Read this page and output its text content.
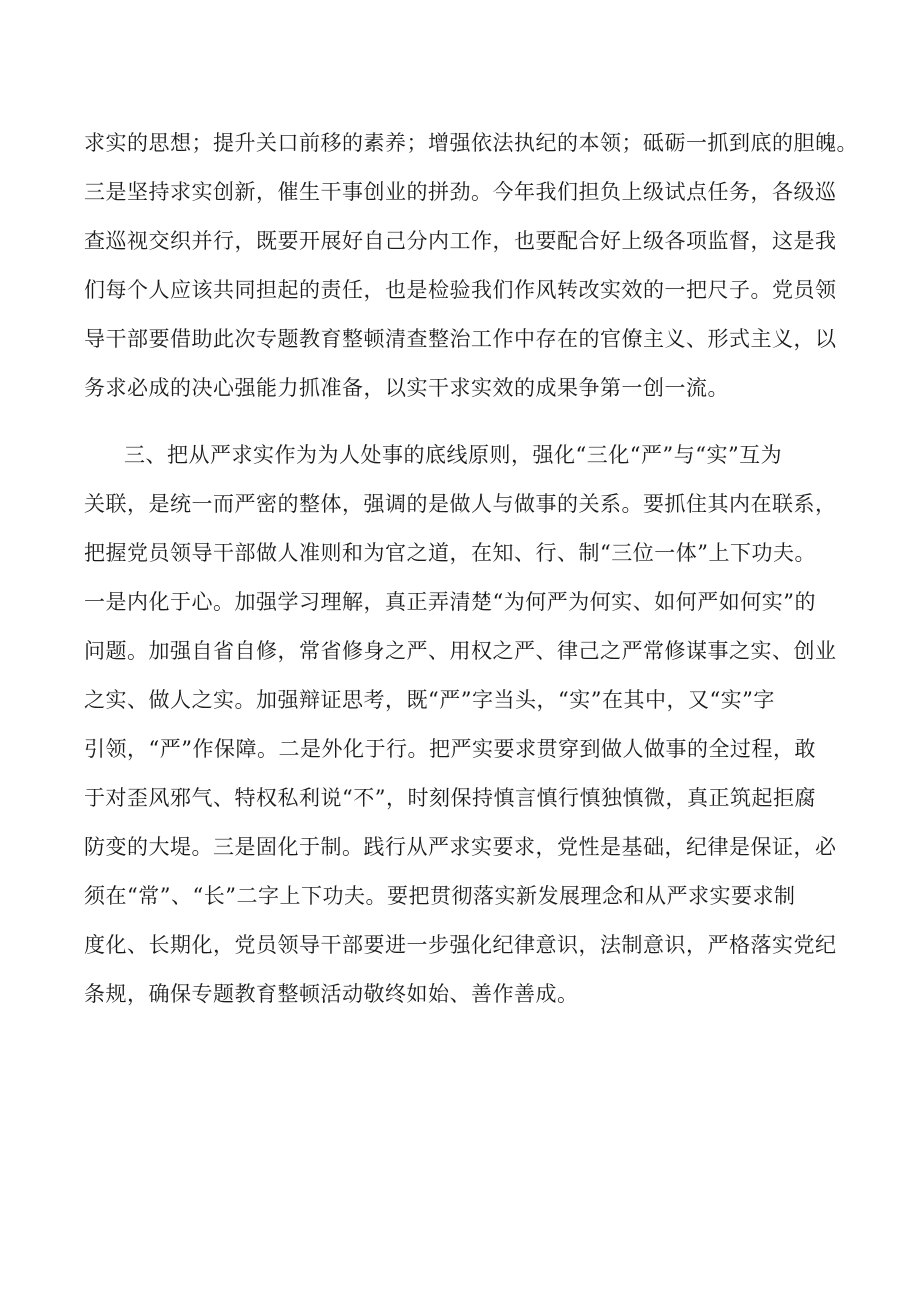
求实的思想；提升关口前移的素养；增强依法执纪的本领；砥砺一抓到底的胆魄。
三是坚持求实创新，催生干事创业的拼劲。今年我们担负上级试点任务，各级巡
查巡视交织并行，既要开展好自己分内工作，也要配合好上级各项监督，这是我
们每个人应该共同担起的责任，也是检验我们作风转改实效的一把尺子。党员领
导干部要借助此次专题教育整顿清查整治工作中存在的官僚主义、形式主义，以
务求必成的决心强能力抓准备，以实干求实效的成果争第一创一流。
三、把从严求实作为为人处事的底线原则，强化“三化“严”与“实”互为
关联，是统一而严密的整体，强调的是做人与做事的关系。要抓住其内在联系，
把握党员领导干部做人准则和为官之道，在知、行、制“三位一体”上下功夫。
一是内化于心。加强学习理解，真正弄清楚“为何严为何实、如何严如何实”的
问题。加强自省自修，常省修身之严、用权之严、律己之严常修谋事之实、创业
之实、做人之实。加强辩证思考，既“严”字当头，“实”在其中，又“实”字
引领，“严”作保障。二是外化于行。把严实要求贯穿到做人做事的全过程，敢
于对歪风邪气、特权私利说“不”，时刻保持慎言慎行慎独慎微，真正筑起拒腐
防变的大堤。三是固化于制。践行从严求实要求，党性是基础，纪律是保证，必
须在“常”、“长”二字上下功夫。要把贯彻落实新发展理念和从严求实要求制
度化、长期化，党员领导干部要进一步强化纪律意识，法制意识，严格落实党纪
条规，确保专题教育整顿活动敬终如始、善作善成。
